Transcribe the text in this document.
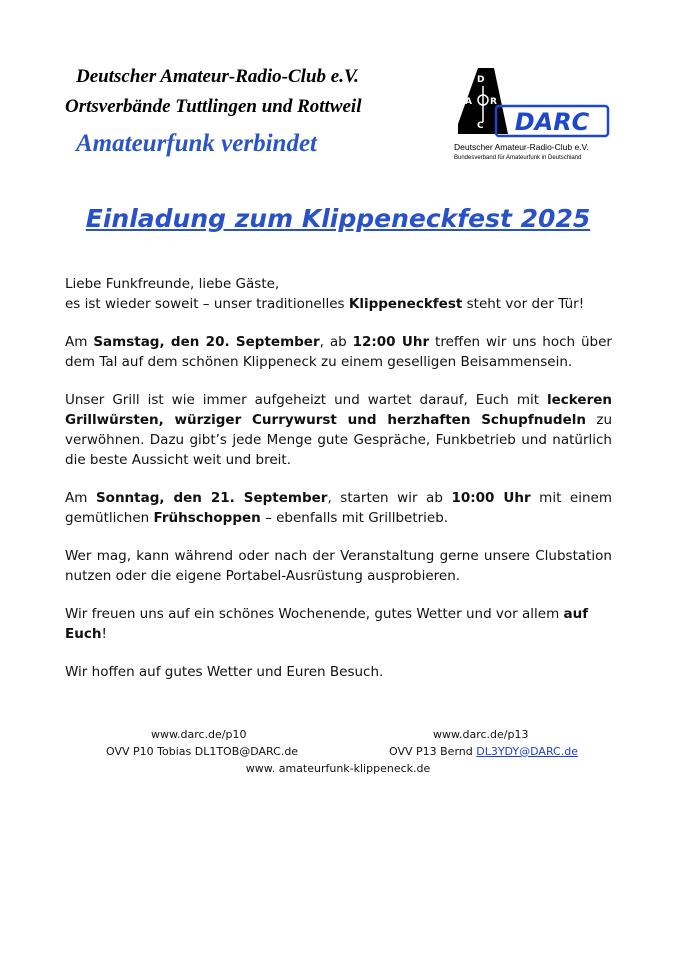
Deutscher Amateur-Radio-Club e.V.
Ortsverbände Tuttlingen und Rottweil
Amateurfunk verbindet
D
A R
C DARC
Deutscher Amateur-Radio-Club e.V.
Bundesverband für Amateurfunk in Deutschland
Einladung zum Klippeneckfest 2025

Liebe Funkfreunde, liebe Gäste,

es ist wieder soweit – unser traditionelles Klippeneckfest steht vor der Tür!

Am Samstag, den 20. September, ab 12:00 Uhr treffen wir uns hoch über dem Tal auf dem schönen Klippeneck zu einem geselligen Beisammensein.

Unser Grill ist wie immer aufgeheizt und wartet darauf, Euch mit leckeren Grillwürsten, würziger Currywurst und herzhaften Schupfnudeln zu verwöhnen. Dazu gibt’s jede Menge gute Gespräche, Funkbetrieb und natürlich die beste Aussicht weit und breit.

Am Sonntag, den 21. September, starten wir ab 10:00 Uhr mit einem gemütlichen Frühschoppen – ebenfalls mit Grillbetrieb.

Wer mag, kann während oder nach der Veranstaltung gerne unsere Clubstation nutzen oder die eigene Portabel-Ausrüstung ausprobieren.

Wir freuen uns auf ein schönes Wochenende, gutes Wetter und vor allem auf Euch!

Wir hoffen auf gutes Wetter und Euren Besuch.

www.darc.de/p10
OVV P10 Tobias DL1TOB@DARC.de
www.darc.de/p13
OVV P13 Bernd DL3YDY@DARC.de
www. amateurfunk-klippeneck.de
